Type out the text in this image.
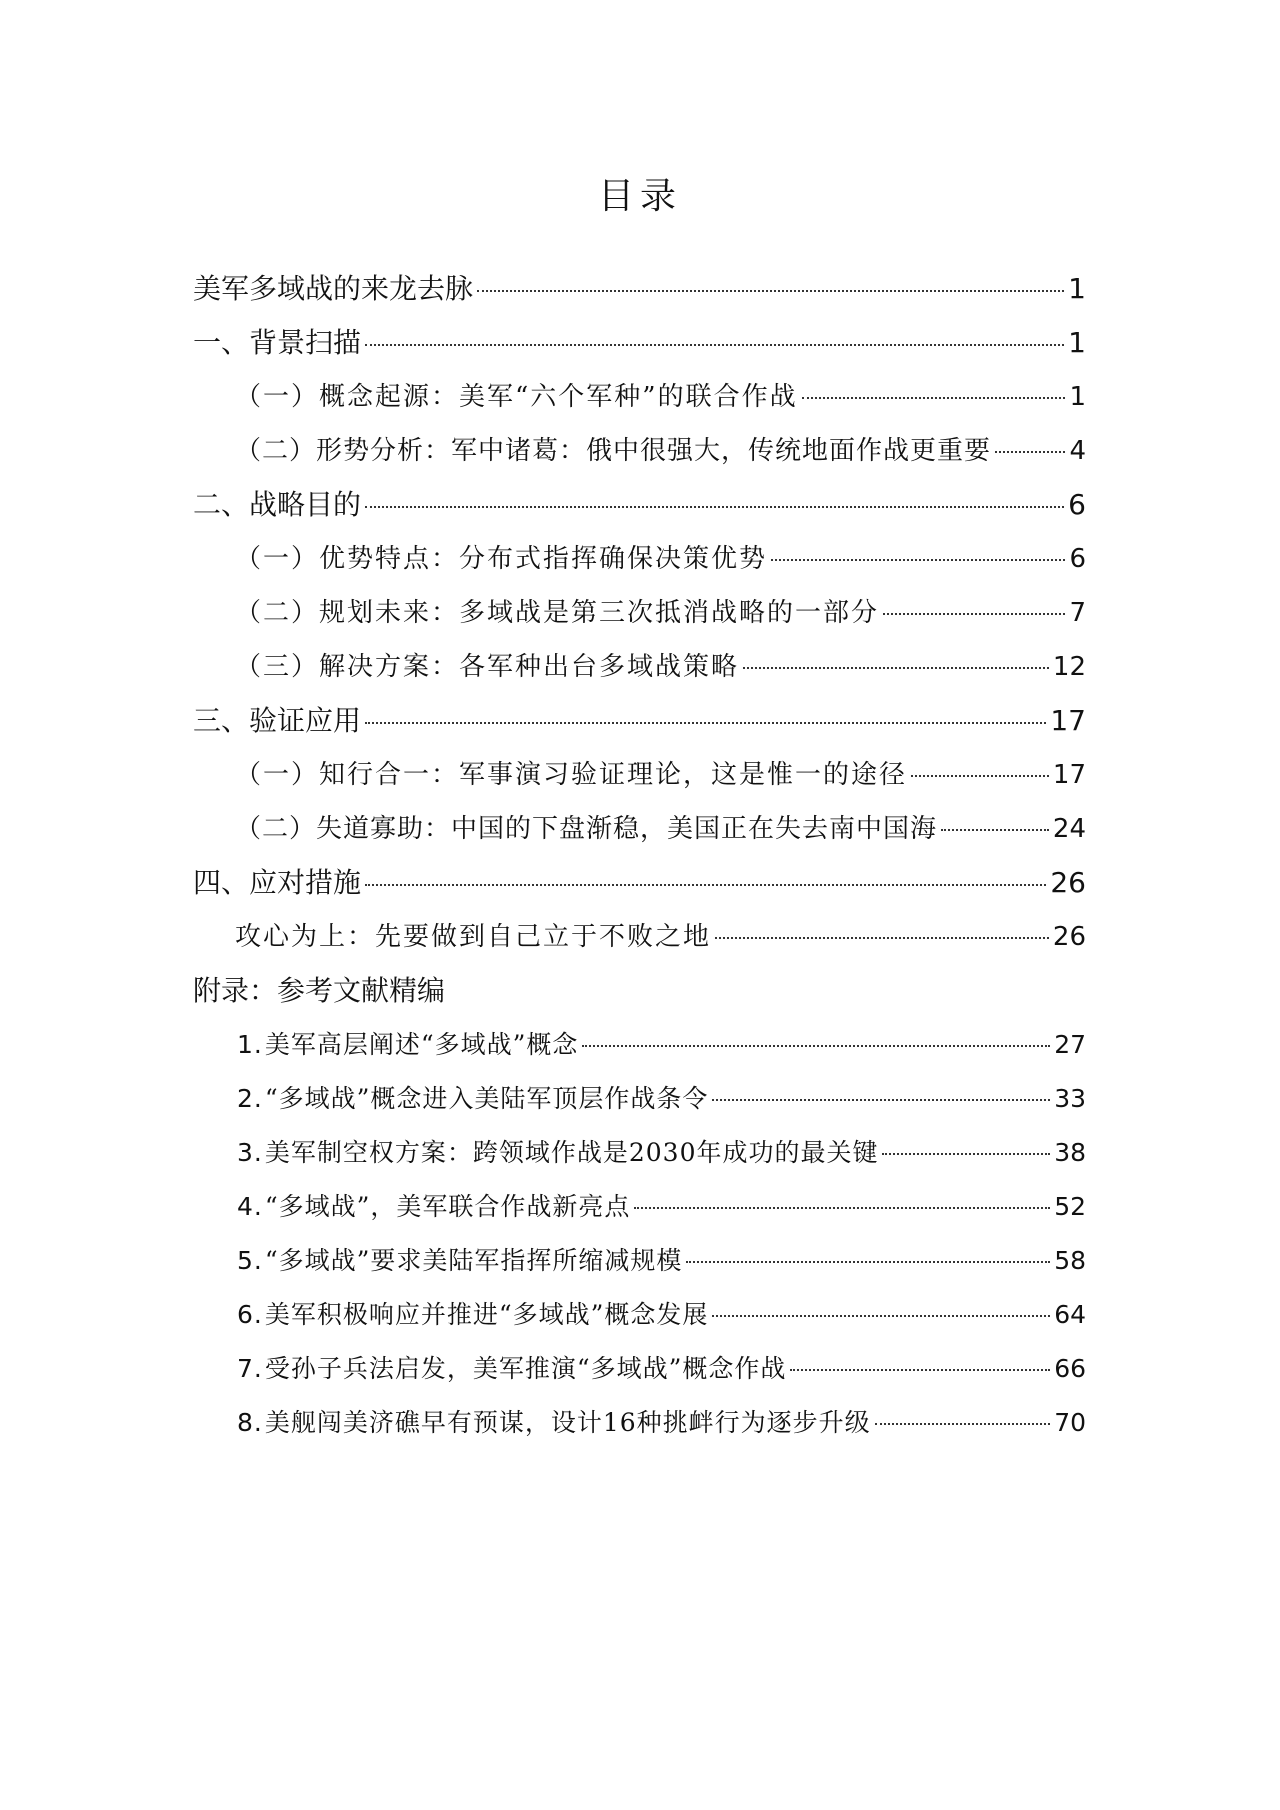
目录
美军多域战的来龙去脉	1
一、背景扫描	1
（一）概念起源：美军“六个军种”的联合作战	1
（二）形势分析：军中诸葛：俄中很强大，传统地面作战更重要	4
二、战略目的	6
（一）优势特点：分布式指挥确保决策优势	6
（二）规划未来：多域战是第三次抵消战略的一部分	7
（三）解决方案：各军种出台多域战策略	12
三、验证应用	17
（一）知行合一：军事演习验证理论，这是惟一的途径	17
（二）失道寡助：中国的下盘渐稳，美国正在失去南中国海	24
四、应对措施	26
攻心为上：先要做到自己立于不败之地	26
附录：参考文献精编
1. 美军高层阐述“多域战”概念	27
2. “多域战”概念进入美陆军顶层作战条令	33
3. 美军制空权方案：跨领域作战是2030年成功的最关键	38
4. “多域战”，美军联合作战新亮点	52
5. “多域战”要求美陆军指挥所缩减规模	58
6. 美军积极响应并推进“多域战”概念发展	64
7. 受孙子兵法启发，美军推演“多域战”概念作战	66
8. 美舰闯美济礁早有预谋，设计16种挑衅行为逐步升级	70
